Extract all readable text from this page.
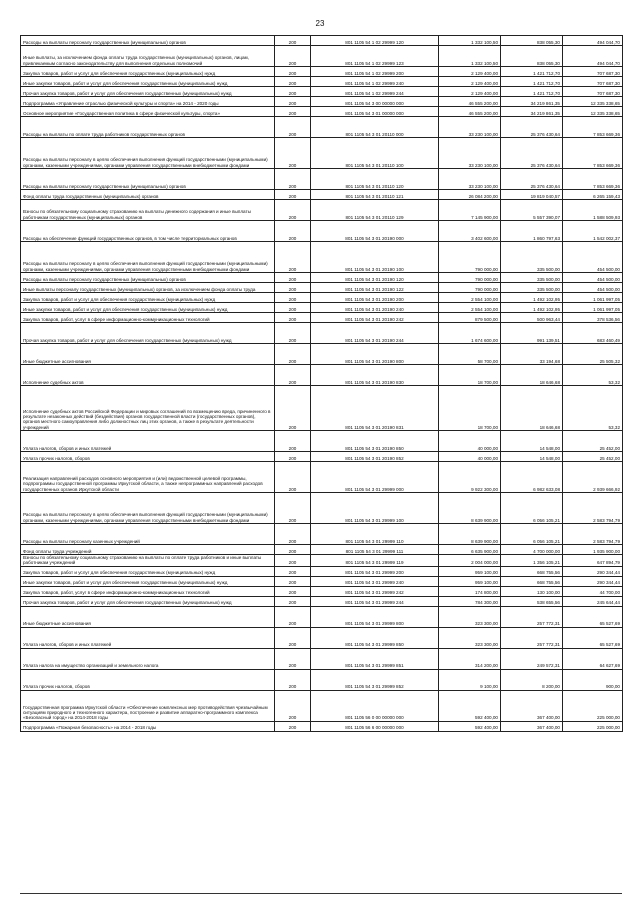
23
Расходы на выплаты персоналу государственных (муниципальных) органов	200	801 1105 54 1 02 29999 120	1 332 100,50	838 055,30	494 044,70
Иные выплаты, за исключением фонда оплаты труда государственных (муниципальных) органов, лицам, привлекаемым согласно законодательству для выполнения отдельных полномочий	200	801 1105 54 1 02 29999 123	1 332 100,50	838 055,30	494 044,70
Закупка товаров, работ и услуг для обеспечения государственных (муниципальных) нужд	200	801 1105 54 1 02 29999 200	2 129 400,00	1 421 712,70	707 687,30
Иные закупки товаров, работ и услуг для обеспечения государственных (муниципальных) нужд	200	801 1105 54 1 02 29999 240	2 129 400,00	1 421 712,70	707 687,30
Прочая закупка товаров, работ и услуг для обеспечения государственных (муниципальных) нужд	200	801 1105 54 1 02 29999 244	2 129 400,00	1 421 712,70	707 687,30
Подпрограмма «Управление отраслью физической культуры и спорта» на 2014 - 2020 годы	200	801 1105 54 3 00 00000 000	46 555 200,00	34 219 861,35	12 335 338,65
Основное мероприятие «Государственная политика в сфере физической культуры, спорта»	200	801 1105 54 3 01 00000 000	46 555 200,00	34 219 861,35	12 335 338,65
Расходы на выплаты по оплате труда работников государственных органов	200	801 1105 54 3 01 20110 000	33 230 100,00	25 376 430,64	7 853 669,36
Расходы на выплаты персоналу в целях обеспечения выполнения функций государственными (муниципальными) органами, казенными учреждениями, органами управления государственными внебюджетными фондами	200	801 1105 54 3 01 20110 100	33 230 100,00	25 376 430,64	7 853 669,36
Расходы на выплаты персоналу государственных (муниципальных) органов	200	801 1105 54 3 01 20110 120	33 230 100,00	25 376 430,64	7 853 669,36
Фонд оплаты труда государственных (муниципальных) органов	200	801 1105 54 3 01 20110 121	26 084 200,00	19 819 040,57	6 265 159,43
Взносы по обязательному социальному страхованию на выплаты денежного содержания и иные выплаты работникам государственных (муниципальных) органов	200	801 1105 54 3 01 20110 129	7 145 900,00	5 557 390,07	1 588 509,93
Расходы на обеспечение функций государственных органов, в том числе территориальных органов	200	801 1105 54 3 01 20190 000	3 402 600,00	1 860 797,63	1 542 002,37
Расходы на выплаты персоналу в целях обеспечения выполнения функций государственными (муниципальными) органами, казенными учреждениями, органами управления государственными внебюджетными фондами	200	801 1105 54 3 01 20190 100	790 000,00	335 500,00	454 500,00
Расходы на выплаты персоналу государственных (муниципальных) органов	200	801 1105 54 3 01 20190 120	790 000,00	335 500,00	454 500,00
Иные выплаты персоналу государственных (муниципальных) органов, за исключением фонда оплаты труда	200	801 1105 54 3 01 20190 122	790 000,00	335 500,00	454 500,00
Закупка товаров, работ и услуг для обеспечения государственных (муниципальных) нужд	200	801 1105 54 3 01 20190 200	2 554 100,00	1 492 102,95	1 061 997,05
Иные закупки товаров, работ и услуг для обеспечения государственных (муниципальных) нужд	200	801 1105 54 3 01 20190 240	2 554 100,00	1 492 102,95	1 061 997,05
Закупка товаров, работ, услуг в сфере информационно-коммуникационных технологий	200	801 1105 54 3 01 20190 242	879 500,00	500 963,44	378 536,56
Прочая закупка товаров, работ и услуг для обеспечения государственных (муниципальных) нужд	200	801 1105 54 3 01 20190 244	1 674 600,00	991 139,51	683 460,49
Иные бюджетные ассигнования	200	801 1105 54 3 01 20190 800	58 700,00	33 194,68	25 505,32
Исполнение судебных актов	200	801 1105 54 3 01 20190 830	18 700,00	18 646,68	53,32
Исполнение судебных актов Российской Федерации и мировых соглашений по возмещению вреда, причиненного в результате незаконных действий (бездействия) органов государственной власти (государственных органов), органов местного самоуправления либо должностных лиц этих органов, а также в результате деятельности учреждений	200	801 1105 54 3 01 20190 831	18 700,00	18 646,68	53,32
Уплата налогов, сборов и иных платежей	200	801 1105 54 3 01 20190 850	40 000,00	14 548,00	25 452,00
Уплата прочих налогов, сборов	200	801 1105 54 3 01 20190 852	40 000,00	14 548,00	25 452,00
Реализация направлений расходов основного мероприятия и (или) ведомственной целевой программы, подпрограммы государственной программы Иркутской области, а также непрограммных направлений расходов государственных органов Иркутской области	200	801 1105 54 3 01 29999 000	9 922 300,00	6 982 633,08	2 939 666,92
Расходы на выплаты персоналу в целях обеспечения выполнения функций государственными (муниципальными) органами, казенными учреждениями, органами управления государственными внебюджетными фондами	200	801 1105 54 3 01 29999 100	8 639 900,00	6 056 105,21	2 583 794,79
Расходы на выплаты персоналу казенных учреждений	200	801 1105 54 3 01 29999 110	8 639 900,00	6 056 105,21	2 583 794,79
Фонд оплаты труда учреждений	200	801 1105 54 3 01 29999 111	6 635 900,00	4 700 000,00	1 935 900,00
Взносы по обязательному социальному страхованию на выплаты по оплате труда работников и иные выплаты работникам учреждений	200	801 1105 54 3 01 29999 119	2 004 000,00	1 356 105,21	647 894,79
Закупка товаров, работ и услуг для обеспечения государственных (муниципальных) нужд	200	801 1105 54 3 01 29999 200	959 100,00	668 755,56	290 344,44
Иные закупки товаров, работ и услуг для обеспечения государственных (муниципальных) нужд	200	801 1105 54 3 01 29999 240	959 100,00	668 755,56	290 344,44
Закупка товаров, работ, услуг в сфере информационно-коммуникационных технологий	200	801 1105 54 3 01 29999 242	174 800,00	130 100,00	44 700,00
Прочая закупка товаров, работ и услуг для обеспечения государственных (муниципальных) нужд	200	801 1105 54 3 01 29999 244	784 300,00	538 655,56	245 644,44
Иные бюджетные ассигнования	200	801 1105 54 3 01 29999 800	323 300,00	257 772,31	65 527,69
Уплата налогов, сборов и иных платежей	200	801 1105 54 3 01 29999 850	323 300,00	257 772,31	65 527,69
Уплата налога на имущество организаций и земельного налога	200	801 1105 54 3 01 29999 851	314 200,00	249 572,31	64 627,69
Уплата прочих налогов, сборов	200	801 1105 54 3 01 29999 852	9 100,00	8 200,00	900,00
Государственная программа Иркутской области «Обеспечение комплексных мер противодействия чрезвычайным ситуациям природного и техногенного характера, построение и развитие аппаратно-программного комплекса «Безопасный город» на 2014-2018 годы	200	801 1105 56 0 00 00000 000	592 400,00	367 400,00	225 000,00
Подпрограмма «Пожарная безопасность» на 2014 - 2018 годы	200	801 1105 56 6 00 00000 000	592 400,00	367 400,00	225 000,00
